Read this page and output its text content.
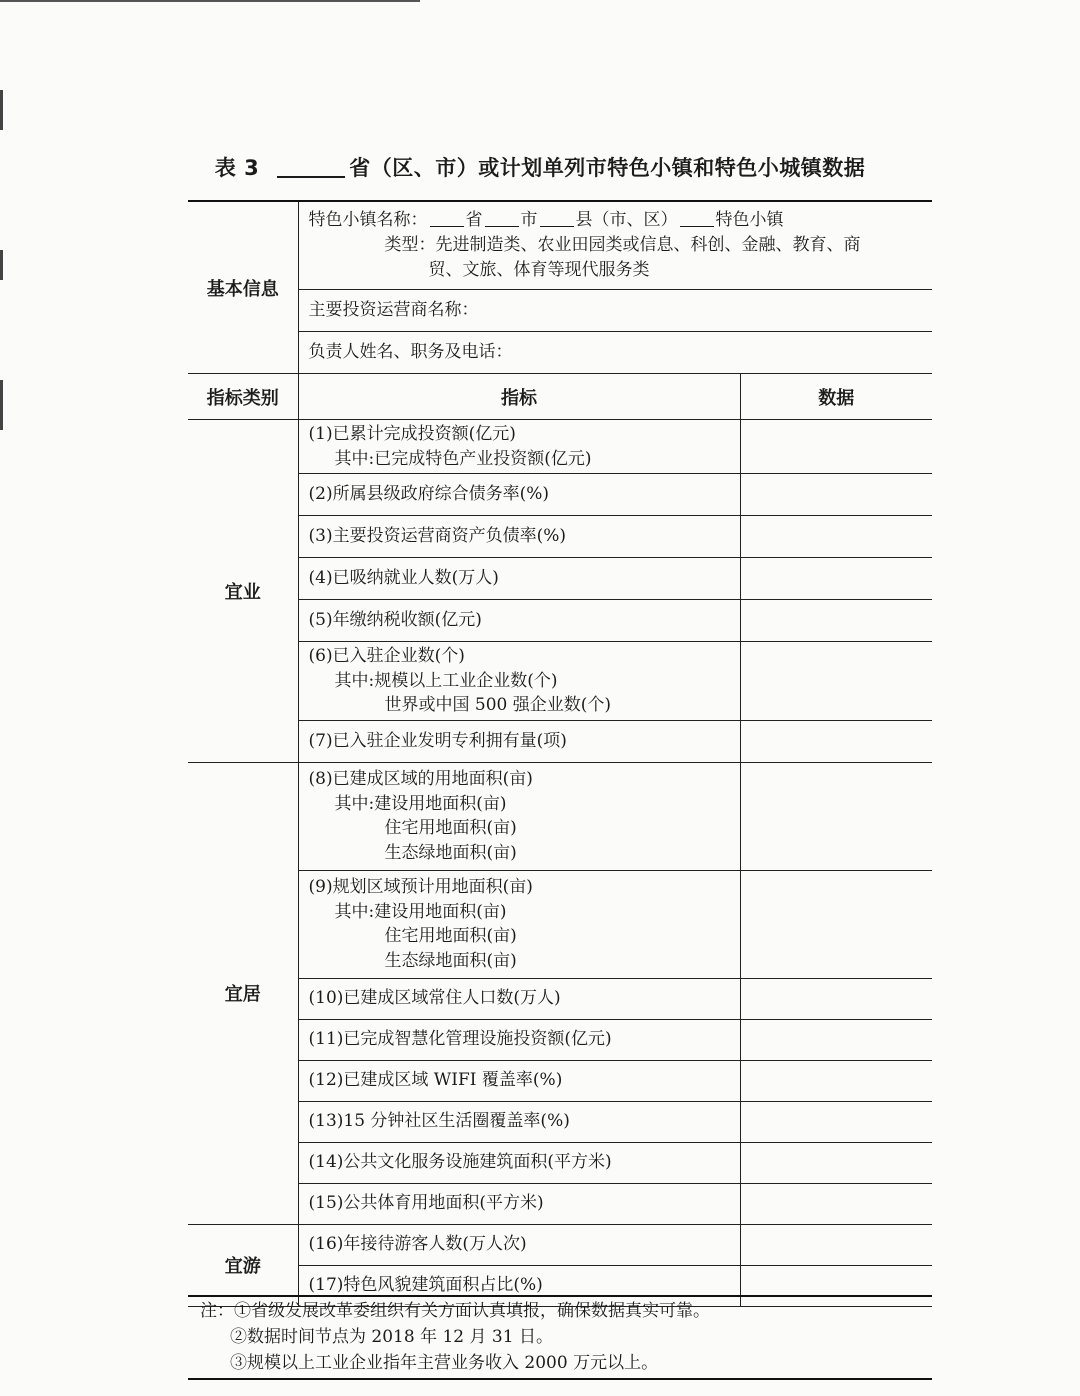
表 3	省（区、市）或计划单列市特色小镇和特色小城镇数据
基本信息	特色小镇名称： 省 市 县（市、区） 特色小镇
类型：先进制造类、农业田园类或信息、科创、金融、教育、商
贸、文旅、体育等现代服务类	

	主要投资运营商名称：	
	负责人姓名、职务及电话：	
指标类别	指标	数据
宜业	(1)已累计完成投资额(亿元)
其中:已完成特色产业投资额(亿元)	

	(2)所属县级政府综合债务率(%)	
	(3)主要投资运营商资产负债率(%)	
	(4)已吸纳就业人数(万人)	
	(5)年缴纳税收额(亿元)	

	(6)已入驻企业数(个)
其中:规模以上工业企业数(个)
世界或中国 500 强企业数(个)	

	(7)已入驻企业发明专利拥有量(项)	
宜居	(8)已建成区域的用地面积(亩)
其中:建设用地面积(亩)
住宅用地面积(亩)
生态绿地面积(亩)	

	(9)规划区域预计用地面积(亩)
其中:建设用地面积(亩)
住宅用地面积(亩)
生态绿地面积(亩)	

	(10)已建成区域常住人口数(万人)	
	(11)已完成智慧化管理设施投资额(亿元)	
	(12)已建成区域 WIFI 覆盖率(%)	
	(13)15 分钟社区生活圈覆盖率(%)	
	(14)公共文化服务设施建筑面积(平方米)	
	(15)公共体育用地面积(平方米)	
宜游	(16)年接待游客人数(万人次)	
	(17)特色风貌建筑面积占比(%)	
注：①省级发展改革委组织有关方面认真填报，确保数据真实可靠。
②数据时间节点为 2018 年 12 月 31 日。
③规模以上工业企业指年主营业务收入 2000 万元以上。
